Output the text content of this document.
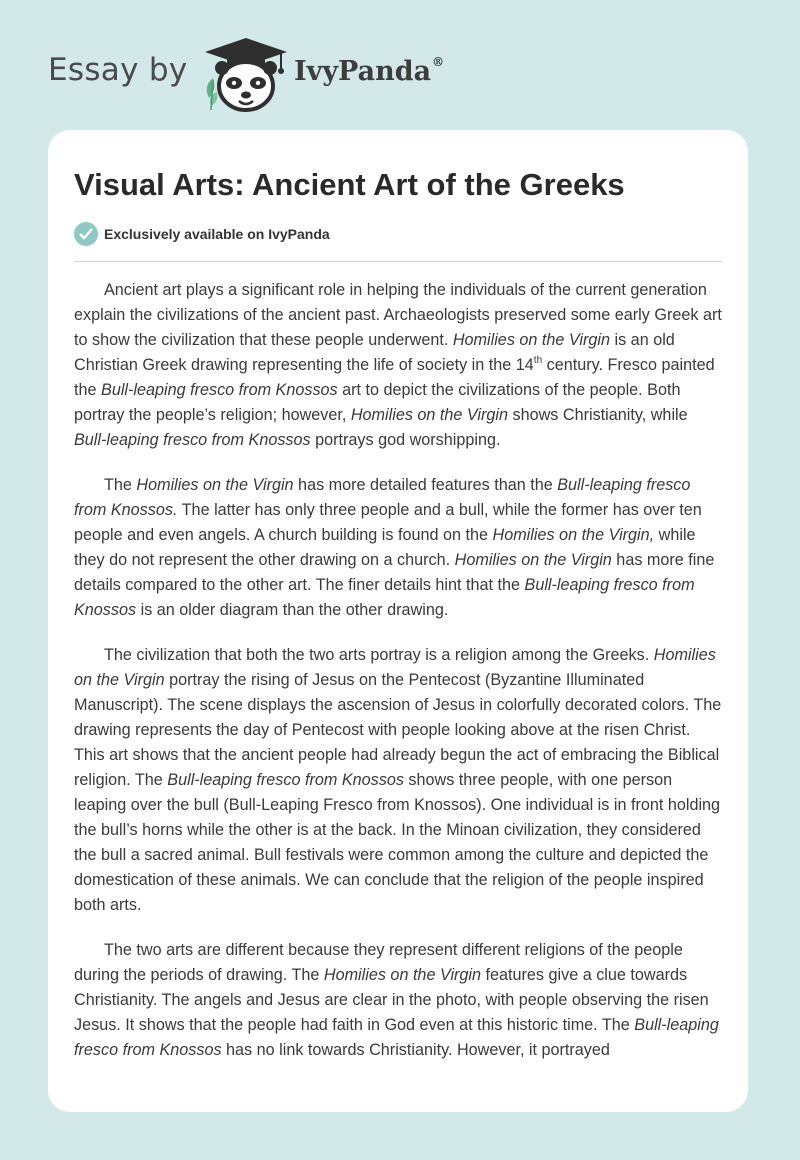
Essay by	IvyPanda®
Visual Arts: Ancient Art of the Greeks
Exclusively available on IvyPanda

Ancient art plays a significant role in helping the individuals of the current generation explain the civilizations of the ancient past. Archaeologists preserved some early Greek art to show the civilization that these people underwent. Homilies on the Virgin is an old Christian Greek drawing representing the life of society in the 14th century. Fresco painted the Bull-leaping fresco from Knossos art to depict the civilizations of the people. Both portray the people’s religion; however, Homilies on the Virgin shows Christianity, while Bull-leaping fresco from Knossos portrays god worshipping.

The Homilies on the Virgin has more detailed features than the Bull-leaping fresco from Knossos. The latter has only three people and a bull, while the former has over ten people and even angels. A church building is found on the Homilies on the Virgin, while they do not represent the other drawing on a church. Homilies on the Virgin has more fine details compared to the other art. The finer details hint that the Bull-leaping fresco from Knossos is an older diagram than the other drawing.

The civilization that both the two arts portray is a religion among the Greeks. Homilies on the Virgin portray the rising of Jesus on the Pentecost (Byzantine Illuminated Manuscript). The scene displays the ascension of Jesus in colorfully decorated colors. The drawing represents the day of Pentecost with people looking above at the risen Christ. This art shows that the ancient people had already begun the act of embracing the Biblical religion. The Bull-leaping fresco from Knossos shows three people, with one person leaping over the bull (Bull-Leaping Fresco from Knossos). One individual is in front holding the bull’s horns while the other is at the back. In the Minoan civilization, they considered the bull a sacred animal. Bull festivals were common among the culture and depicted the domestication of these animals. We can conclude that the religion of the people inspired both arts.

The two arts are different because they represent different religions of the people during the periods of drawing. The Homilies on the Virgin features give a clue towards Christianity. The angels and Jesus are clear in the photo, with people observing the risen Jesus. It shows that the people had faith in God even at this historic time. The Bull-leaping fresco from Knossos has no link towards Christianity. However, it portrayed
